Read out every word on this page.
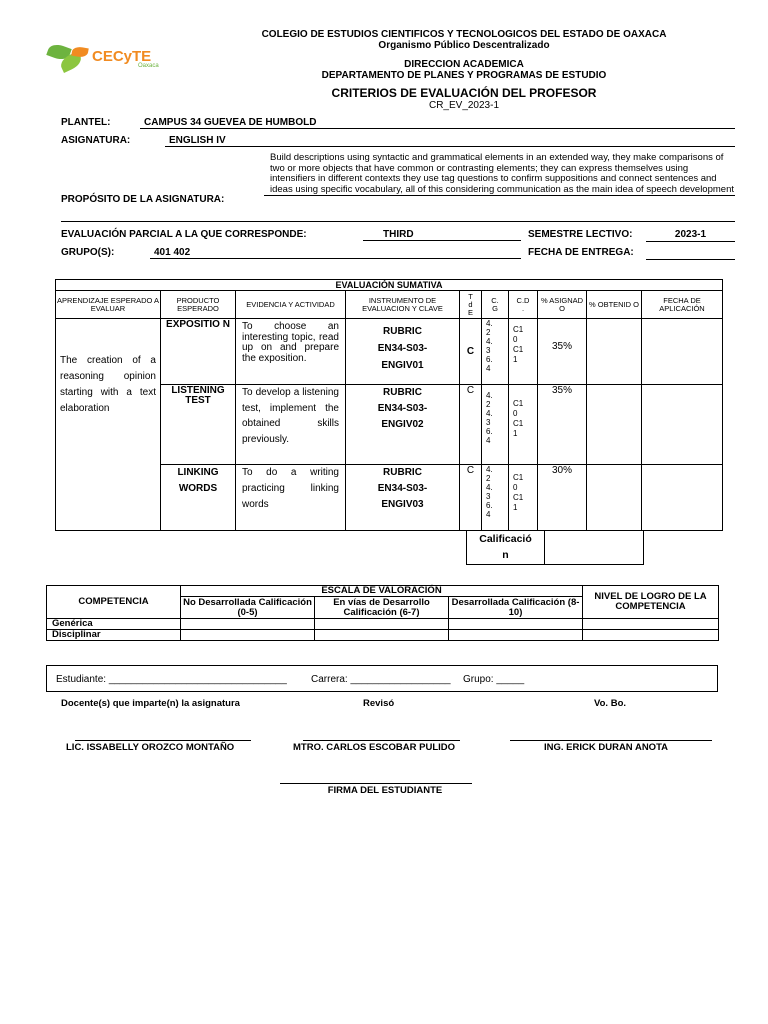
CECyTE
Oaxaca
COLEGIO DE ESTUDIOS CIENTIFICOS Y TECNOLOGICOS DEL ESTADO DE OAXACA
Organismo Público Descentralizado
DIRECCION ACADEMICA
DEPARTAMENTO DE PLANES Y PROGRAMAS DE ESTUDIO
CRITERIOS DE EVALUACIÓN DEL PROFESOR
CR_EV_2023-1
PLANTEL:	CAMPUS 34 GUEVEA DE HUMBOLD
ASIGNATURA:	ENGLISH IV
PROPÓSITO DE LA ASIGNATURA:
Build descriptions using syntactic and grammatical elements in an extended way, they make comparisons of two or more objects that have common or contrasting elements; they can express themselves using intensifiers in different contexts they use tag questions to confirm suppositions and connect sentences and ideas using specific vocabulary, all of this considering communication as the main idea of speech development
EVALUACIÓN PARCIAL A LA QUE CORRESPONDE:	THIRD	SEMESTRE LECTIVO:	2023-1
GRUPO(S):	401 402	FECHA DE ENTREGA:
EVALUACIÓN SUMATIVA									
APRENDIZAJE ESPERADO A EVALUAR	PRODUCTO ESPERADO	EVIDENCIA Y ACTIVIDAD	INSTRUMENTO DE EVALUACION Y CLAVE	T d E	C. G	C.D .	% ASIGNAD O	% OBTENID O	FECHA DE APLICACIÓN

The creation of a reasoning opinion starting with a text elaboration	EXPOSITIO N	To choose an interesting topic, read up on and prepare the exposition.	RUBRIC
EN34-S03-
ENGIV01	C	4. 2 4. 3 6. 4	C1 0 C1 1	35%		
	LISTENING TEST	To develop a listening test, implement the obtained skills previously.	RUBRIC
EN34-S03-
ENGIV02	C	4. 2 4. 3 6. 4	C1 0 C1 1	35%		
	LINKING WORDS	To do a writing practicing linking words	RUBRIC
EN34-S03-
ENGIV03	C	4. 2 4. 3 6. 4	C1 0 C1 1	30%		
Calificació n
COMPETENCIA	ESCALA DE VALORACIÓN			NIVEL DE LOGRO DE LA COMPETENCIA
	No Desarrollada Calificación (0-5)	En vías de Desarrollo Calificación (6-7)	Desarrollada Calificación (8-10)	
Genérica				
Disciplinar				
Estudiante: ________________________________ Carrera: __________________ Grupo: _____
Docente(s) que imparte(n) la asignatura	Revisó	Vo. Bo.
LIC. ISSABELLY OROZCO MONTAÑO	MTRO. CARLOS ESCOBAR PULIDO	ING. ERICK DURAN ANOTA
FIRMA DEL ESTUDIANTE
